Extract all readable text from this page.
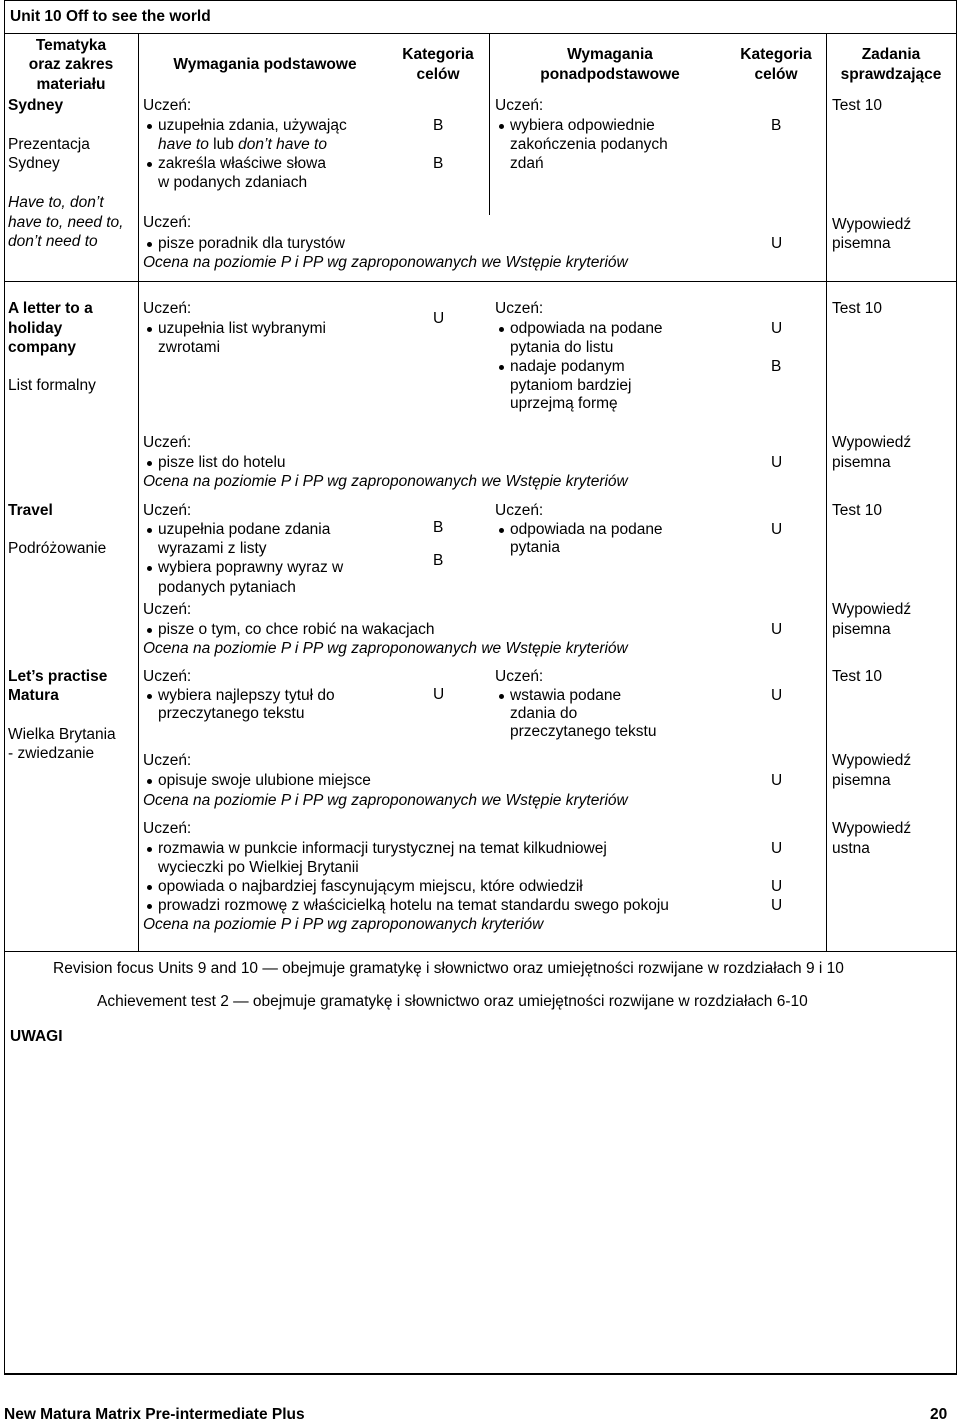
Unit 10 Off to see the world
Tematyka
oraz zakres
materiału
Wymagania podstawowe
Kategoria
celów
Wymagania
ponadpodstawowe
Kategoria
celów
Zadania
sprawdzające
Sydney
Prezentacja
Sydney
Have to, don’t
have to, need to,
don’t need to
Uczeń:
uzupełnia zdania, używając
have to lub don’t have to
zakreśla właściwe słowa
w podanych zdaniach
B
B
Uczeń:
wybiera odpowiednie
zakończenia podanych
zdań
B
Test 10
Uczeń:
pisze poradnik dla turystów
Ocena na poziomie P i PP wg zaproponowanych we Wstępie kryteriów
U
Wypowiedź
pisemna
A letter to a
holiday
company
List formalny
Uczeń:
uzupełnia list wybranymi
zwrotami
U
Uczeń:
odpowiada na podane
pytania do listu
nadaje podanym
pytaniom bardziej
uprzejmą formę
U
B
Test 10
Uczeń:
pisze list do hotelu
Ocena na poziomie P i PP wg zaproponowanych we Wstępie kryteriów
U
Wypowiedź
pisemna
Travel
Podróżowanie
Uczeń:
uzupełnia podane zdania
wyrazami z listy
wybiera poprawny wyraz w
podanych pytaniach
B
B
Uczeń:
odpowiada na podane
pytania
U
Test 10
Uczeń:
pisze o tym, co chce robić na wakacjach
Ocena na poziomie P i PP wg zaproponowanych we Wstępie kryteriów
U
Wypowiedź
pisemna
Let’s practise
Matura
Wielka Brytania
- zwiedzanie
Uczeń:
wybiera najlepszy tytuł do
przeczytanego tekstu
U
Uczeń:
wstawia podane
zdania do
przeczytanego tekstu
U
Test 10
Uczeń:
opisuje swoje ulubione miejsce
Ocena na poziomie P i PP wg zaproponowanych we Wstępie kryteriów
U
Wypowiedź
pisemna
Uczeń:
rozmawia w punkcie informacji turystycznej na temat kilkudniowej
wycieczki po Wielkiej Brytanii
opowiada o najbardziej fascynującym miejscu, które odwiedził
prowadzi rozmowę z właścicielką hotelu na temat standardu swego pokoju
Ocena na poziomie P i PP wg zaproponowanych kryteriów
U
U
U
Wypowiedź
ustna
Revision focus Units 9 and 10 — obejmuje gramatykę i słownictwo oraz umiejętności rozwijane w rozdziałach 9 i 10
Achievement test 2 — obejmuje gramatykę i słownictwo oraz umiejętności rozwijane w rozdziałach 6-10
UWAGI
New Matura Matrix Pre-intermediate Plus	20
